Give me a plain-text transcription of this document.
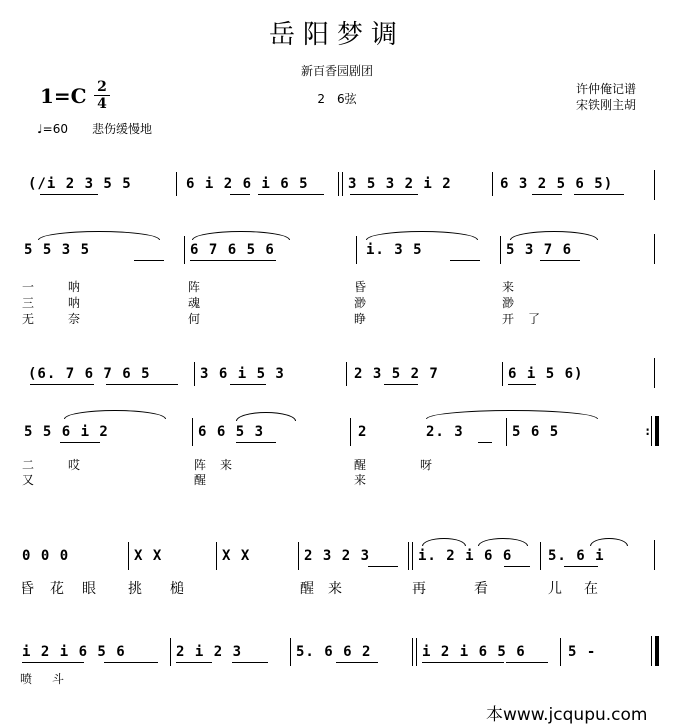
岳阳梦调
新百香园剧团
2　6弦
1=C 2
4
许仲俺记谱
宋铁刚主胡
♩=60　　悲伤缓慢地
(/i 2 3 5 5	6 i 2 6 i 6 5	3 5 3 2 i 2	6 3 2 5 6 5)
5 5 3 5	6 7 6 5 6	i. 3 5	5 3 7 6
一	呐	阵	昏	来
三	呐	魂	渺	渺
无	奈	何	睁	开　了
(6. 7 6 7 6 5	3 6 i 5 3	2 3 5 2 7	6 i 5 6)
5 5 6 i 2	6 6 5 3	2	2. 3	5 6 5	:
二	哎	阵　来	醒	呀
又	醒	来
0 0 0	X X	X X	2 3 2 3	i. 2 i 6 6	5. 6 i
昏 花 眼 挑 槌	醒 来	再	看	儿 在
i 2 i 6 5 6	2 i 2 3	5. 6 6 2	i 2 i 6 5 6	5 -
喷 斗
本www.jcqupu.com
